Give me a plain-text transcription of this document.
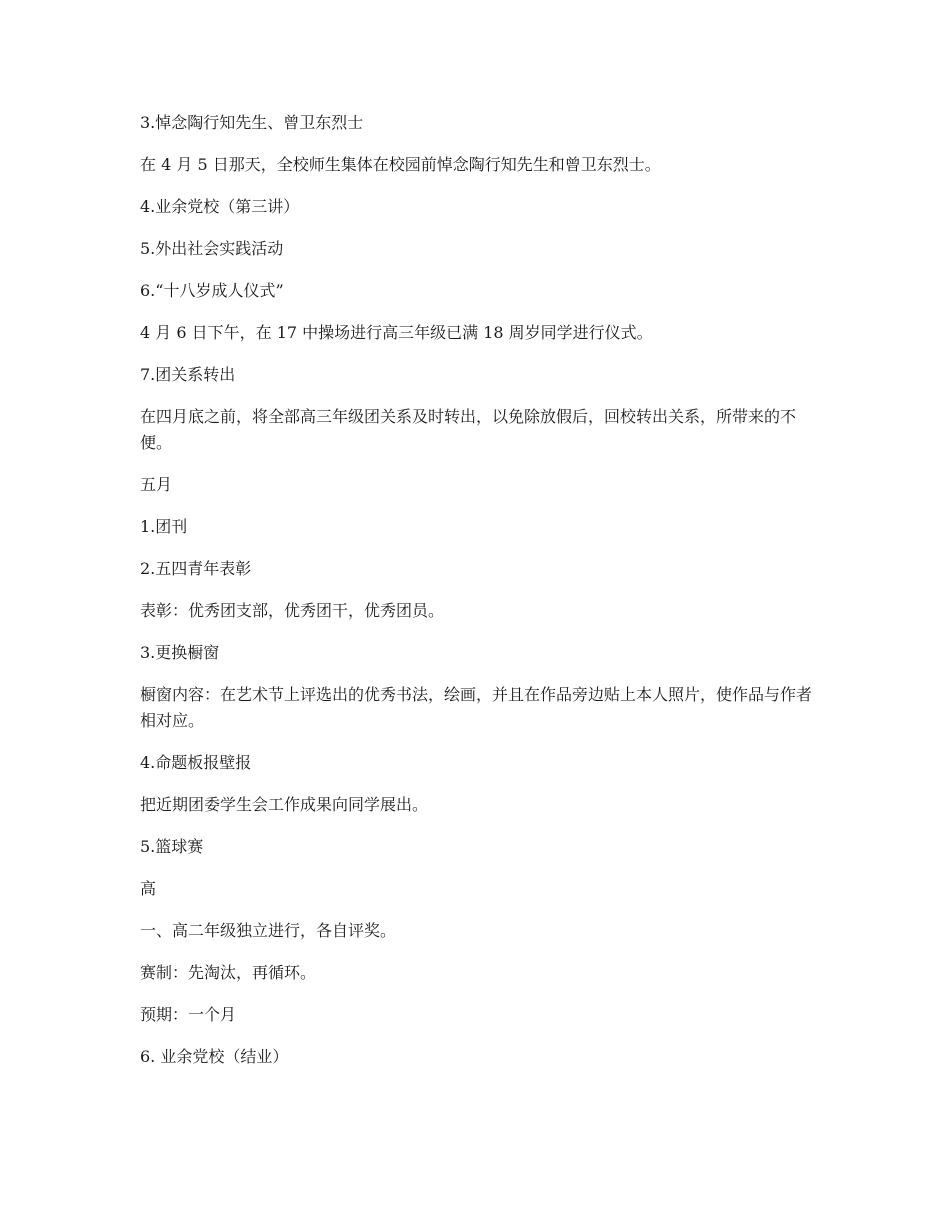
3.悼念陶行知先生、曾卫东烈士

在 4 月 5 日那天，全校师生集体在校园前悼念陶行知先生和曾卫东烈士。

4.业余党校（第三讲）

5.外出社会实践活动

6.“十八岁成人仪式”

4 月 6 日下午，在 17 中操场进行高三年级已满 18 周岁同学进行仪式。

7.团关系转出

在四月底之前，将全部高三年级团关系及时转出，以免除放假后，回校转出关系，所带来的不便。

五月

1.团刊

2.五四青年表彰

表彰：优秀团支部，优秀团干，优秀团员。

3.更换橱窗

橱窗内容：在艺术节上评选出的优秀书法，绘画，并且在作品旁边贴上本人照片，使作品与作者相对应。

4.命题板报壁报

把近期团委学生会工作成果向同学展出。

5.篮球赛

高

一、高二年级独立进行，各自评奖。

赛制：先淘汰，再循环。

预期：一个月

6. 业余党校（结业）
